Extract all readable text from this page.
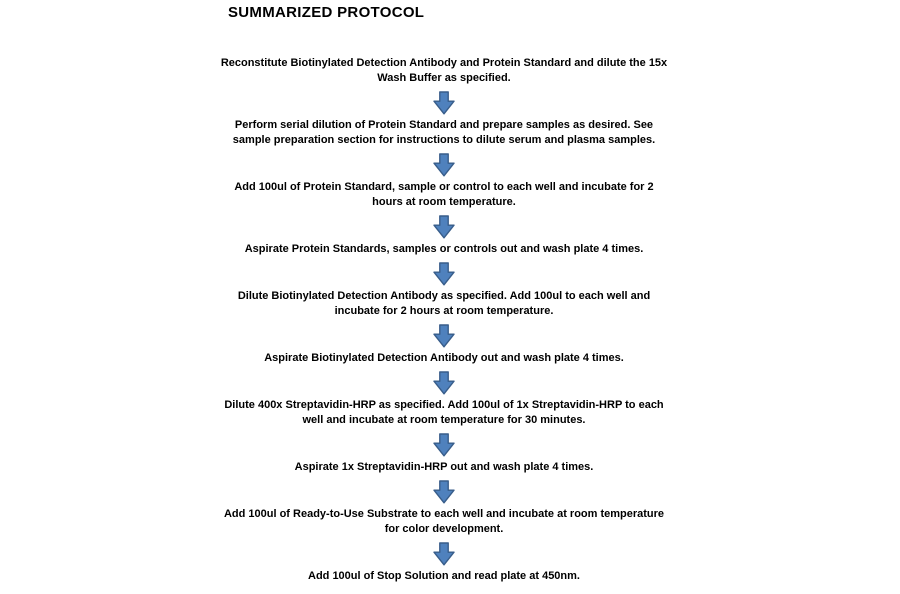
SUMMARIZED PROTOCOL
Reconstitute Biotinylated Detection Antibody and Protein Standard and dilute the 15x Wash Buffer as specified.
Perform serial dilution of Protein Standard and prepare samples as desired. See sample preparation section for instructions to dilute serum and plasma samples.
Add 100ul of Protein Standard, sample or control to each well and incubate for 2 hours at room temperature.
Aspirate Protein Standards, samples or controls out and wash plate 4 times.
Dilute Biotinylated Detection Antibody as specified. Add 100ul to each well and incubate for 2 hours at room temperature.
Aspirate Biotinylated Detection Antibody out and wash plate 4 times.
Dilute 400x Streptavidin-HRP as specified. Add 100ul of 1x Streptavidin-HRP to each well and incubate at room temperature for 30 minutes.
Aspirate 1x Streptavidin-HRP out and wash plate 4 times.
Add 100ul of Ready-to-Use Substrate to each well and incubate at room temperature for color development.
Add 100ul of Stop Solution and read plate at 450nm.
